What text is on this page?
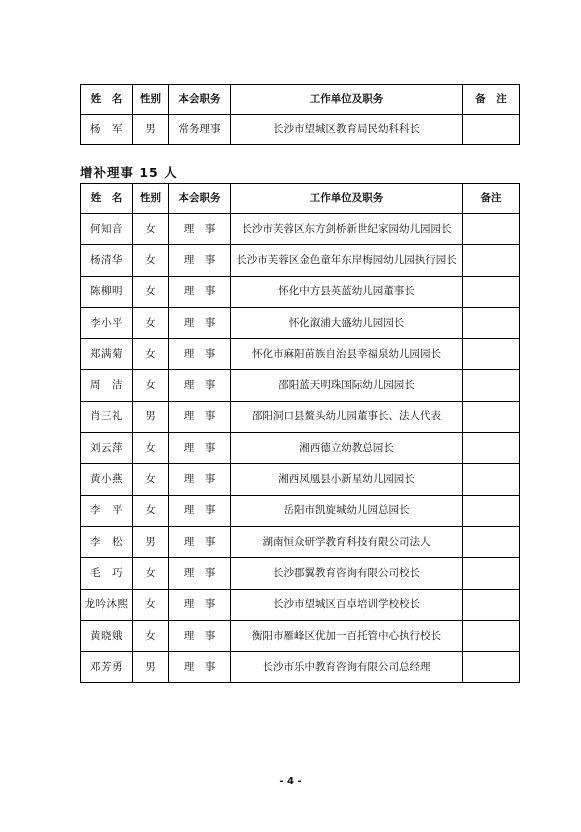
姓　名	性别	本会职务	工作单位及职务	备　注
杨　军	男	常务理事	长沙市望城区教育局民幼科科长	
增补理事 15 人
姓　名	性别	本会职务	工作单位及职务	备注
何知音	女	理　事	长沙市芙蓉区东方剑桥新世纪家园幼儿园园长	
杨清华	女	理　事	长沙市芙蓉区金色童年东岸梅园幼儿园执行园长	
陈柳明	女	理　事	怀化中方县英蓝幼儿园董事长	
李小平	女	理　事	怀化溆浦大盛幼儿园园长	
郑满菊	女	理　事	怀化市麻阳苗族自治县幸福泉幼儿园园长	
周　洁	女	理　事	邵阳蓝天明珠国际幼儿园园长	
肖三礼	男	理　事	邵阳洞口县鳌头幼儿园董事长、法人代表	
刘云萍	女	理　事	湘西德立幼教总园长	
黄小燕	女	理　事	湘西凤凰县小新星幼儿园园长	
李　平	女	理　事	岳阳市凯旋城幼儿园总园长	
李　松	男	理　事	湖南恒众研学教育科技有限公司法人	
毛　巧	女	理　事	长沙郡翼教育咨询有限公司校长	
龙吟沐熙	女	理　事	长沙市望城区百卓培训学校校长	
黄晓娥	女	理　事	衡阳市雁峰区优加一百托管中心执行校长	
邓芳勇	男	理　事	长沙市乐中教育咨询有限公司总经理	
- 4 -
